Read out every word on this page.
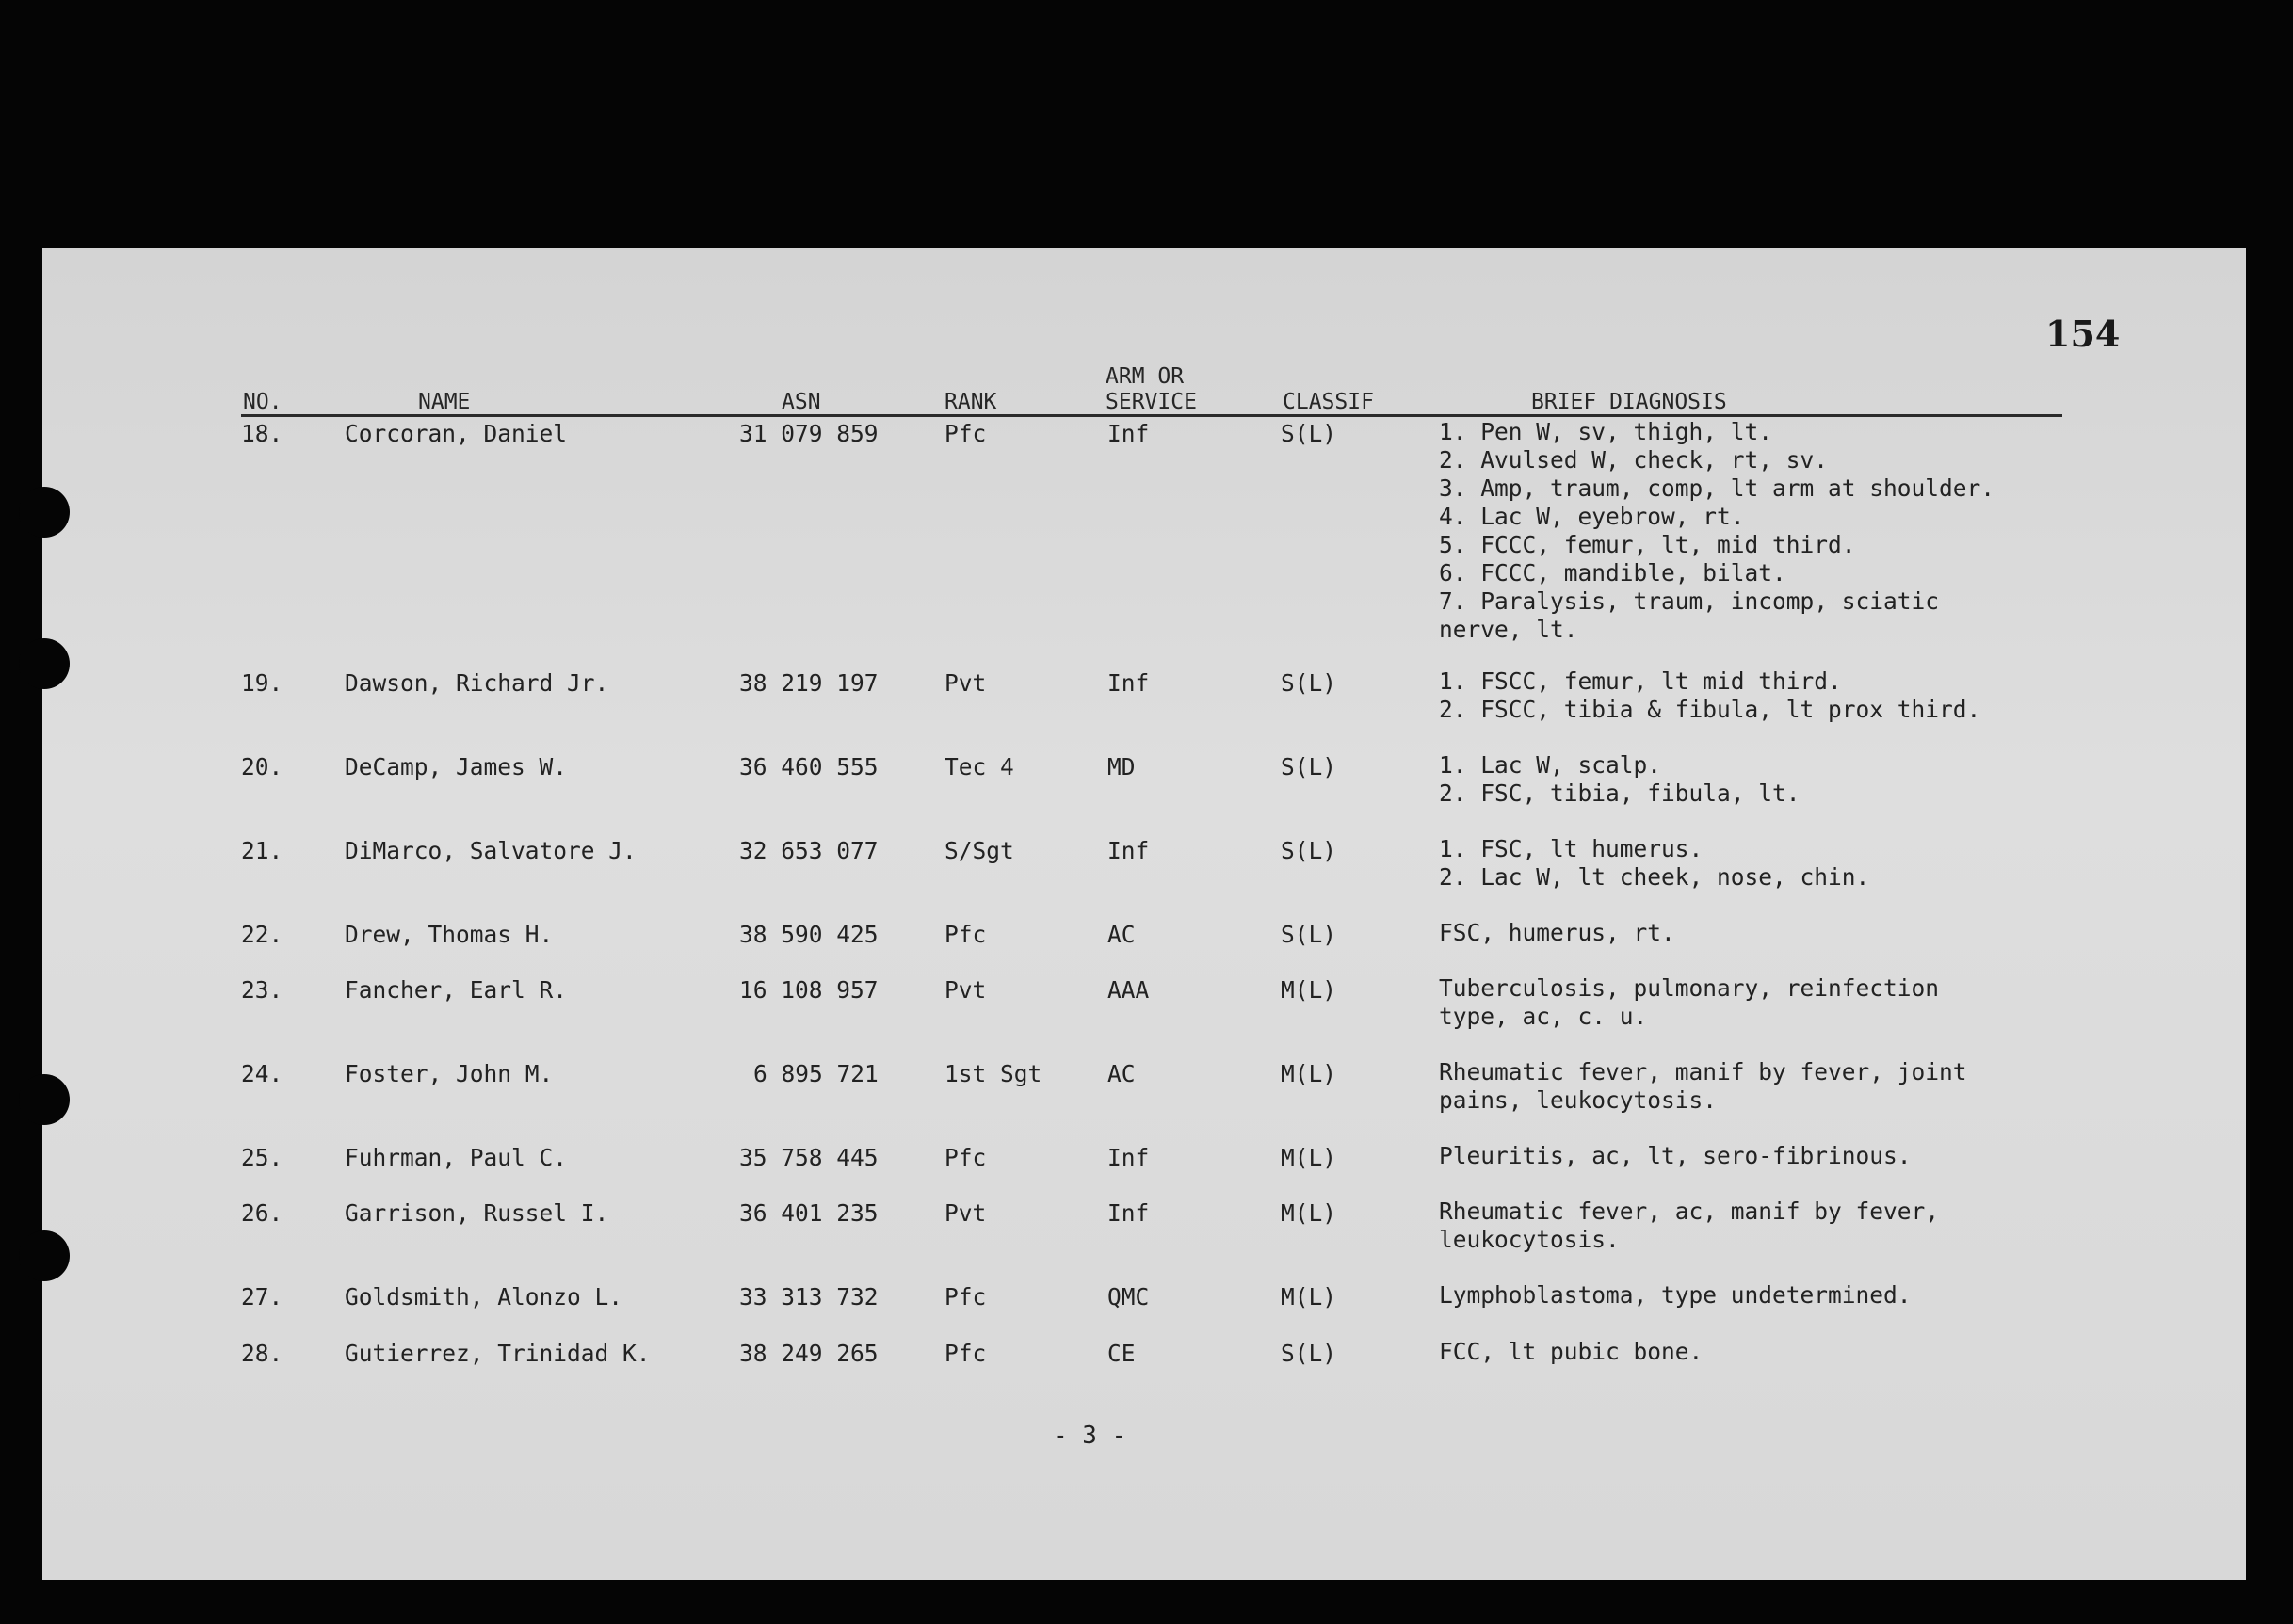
154
NO.	NAME	ASN	RANK
ARM OR
SERVICE	CLASSIF	BRIEF DIAGNOSIS
18.	Corcoran, Daniel	31 079 859	Pfc	Inf	S(L)	1. Pen W, sv, thigh, lt.
2. Avulsed W, check, rt, sv.
3. Amp, traum, comp, lt arm at shoulder.
4. Lac W, eyebrow, rt.
5. FCCC, femur, lt, mid third.
6. FCCC, mandible, bilat.
7. Paralysis, traum, incomp, sciatic
nerve, lt.
19.	Dawson, Richard Jr.	38 219 197	Pvt	Inf	S(L)	1. FSCC, femur, lt mid third.
2. FSCC, tibia & fibula, lt prox third.
20.	DeCamp, James W.	36 460 555	Tec 4	MD	S(L)	1. Lac W, scalp.
2. FSC, tibia, fibula, lt.
21.	DiMarco, Salvatore J.	32 653 077	S/Sgt	Inf	S(L)	1. FSC, lt humerus.
2. Lac W, lt cheek, nose, chin.
22.	Drew, Thomas H.	38 590 425	Pfc	AC	S(L)	FSC, humerus, rt.
23.	Fancher, Earl R.	16 108 957	Pvt	AAA	M(L)	Tuberculosis, pulmonary, reinfection
type, ac, c. u.
24.	Foster, John M.	6 895 721	1st Sgt	AC	M(L)	Rheumatic fever, manif by fever, joint
pains, leukocytosis.
25.	Fuhrman, Paul C.	35 758 445	Pfc	Inf	M(L)	Pleuritis, ac, lt, sero-fibrinous.
26.	Garrison, Russel I.	36 401 235	Pvt	Inf	M(L)	Rheumatic fever, ac, manif by fever,
leukocytosis.
27.	Goldsmith, Alonzo L.	33 313 732	Pfc	QMC	M(L)	Lymphoblastoma, type undetermined.
28.	Gutierrez, Trinidad K.	38 249 265	Pfc	CE	S(L)	FCC, lt pubic bone.
- 3 -
